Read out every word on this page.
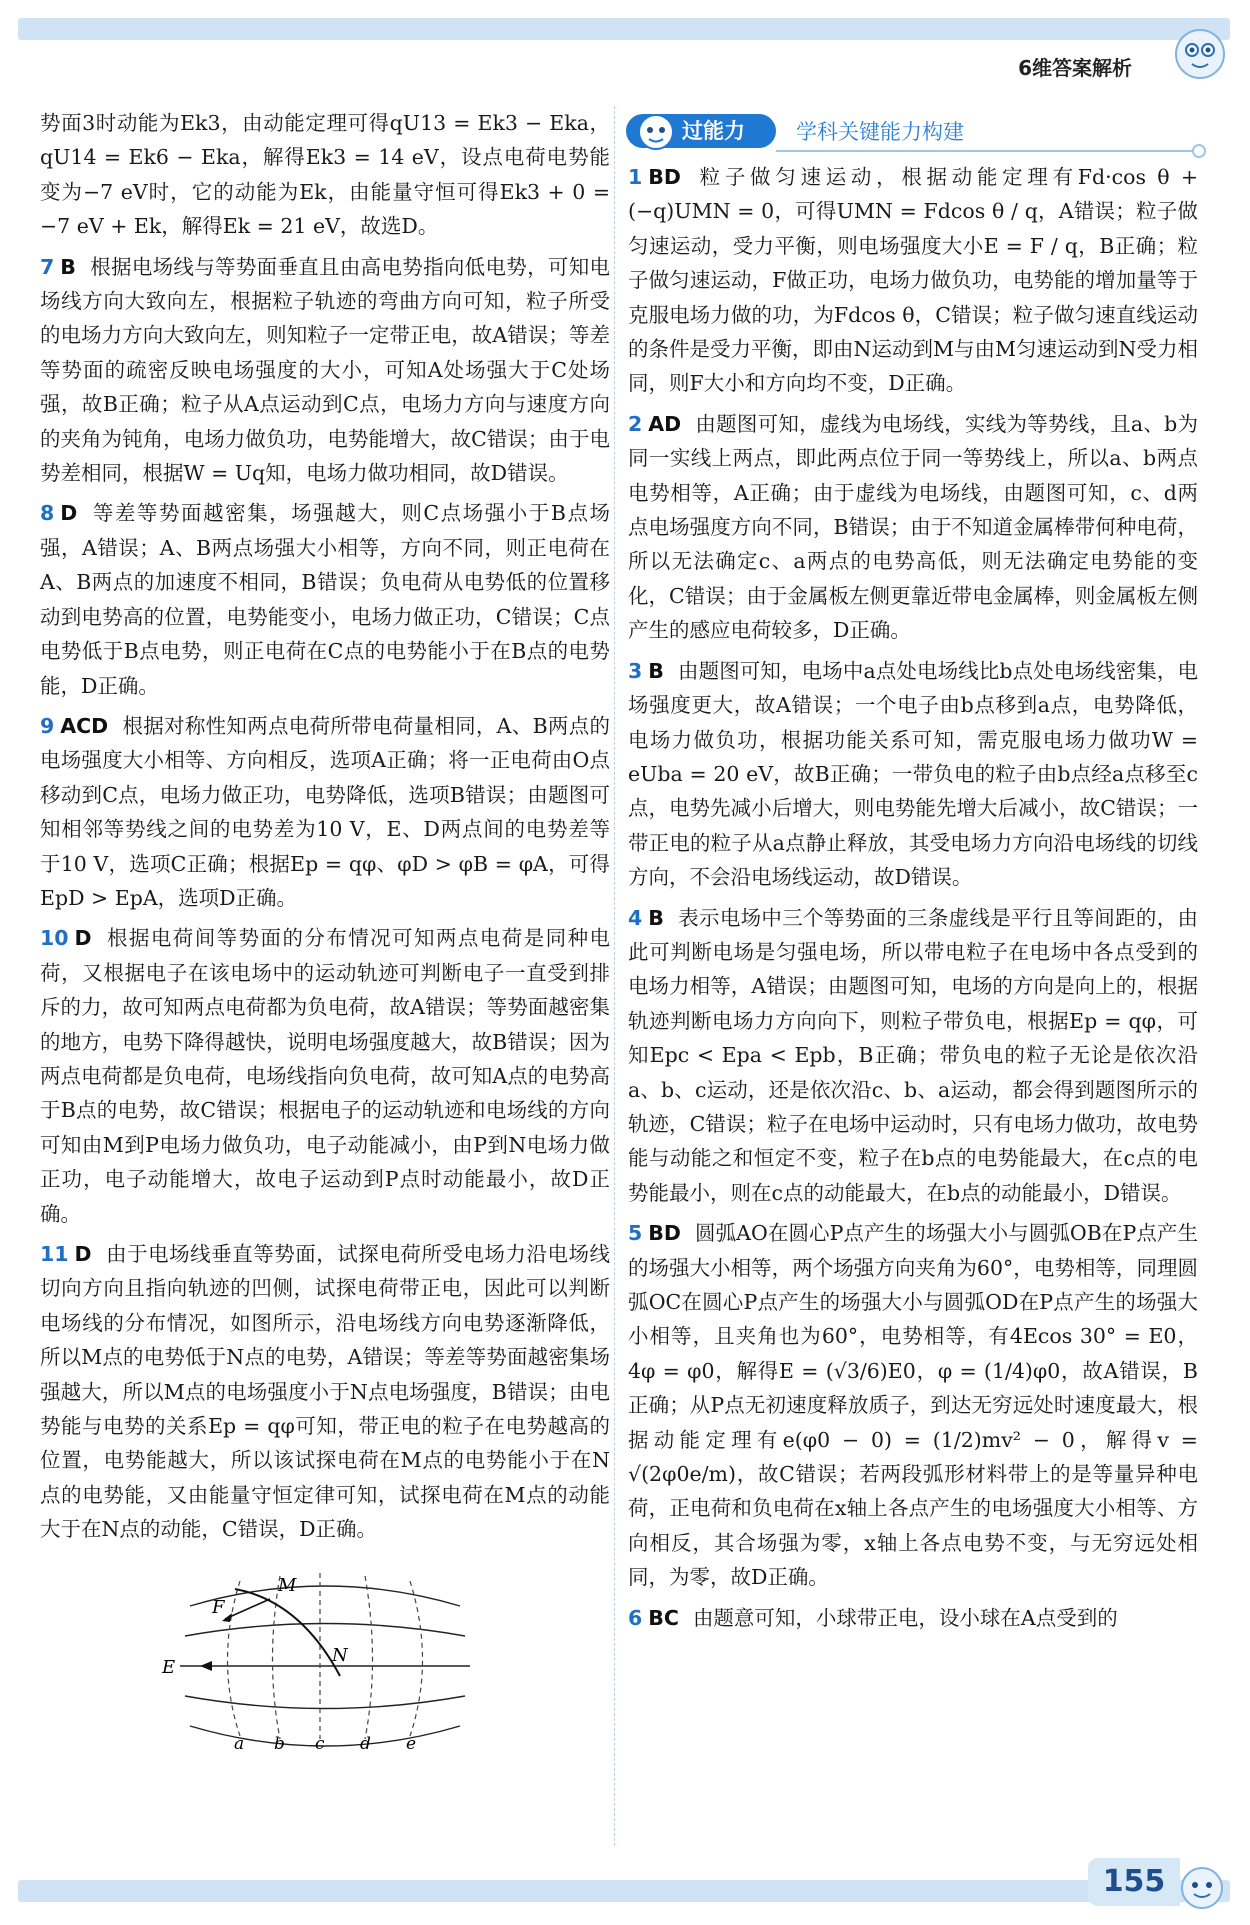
6维答案解析
过能力	学科关键能力构建
势面3时动能为Ek3，由动能定理可得qU13 = Ek3 − Eka，qU14 = Ek6 − Eka，解得Ek3 = 14 eV，设点电荷电势能变为−7 eV时，它的动能为Ek，由能量守恒可得Ek3 + 0 = −7 eV + Ek，解得Ek = 21 eV，故选D。
7 B 根据电场线与等势面垂直且由高电势指向低电势，可知电场线方向大致向左，根据粒子轨迹的弯曲方向可知，粒子所受的电场力方向大致向左，则知粒子一定带正电，故A错误；等差等势面的疏密反映电场强度的大小，可知A处场强大于C处场强，故B正确；粒子从A点运动到C点，电场力方向与速度方向的夹角为钝角，电场力做负功，电势能增大，故C错误；由于电势差相同，根据W = Uq知，电场力做功相同，故D错误。
8 D 等差等势面越密集，场强越大，则C点场强小于B点场强，A错误；A、B两点场强大小相等，方向不同，则正电荷在A、B两点的加速度不相同，B错误；负电荷从电势低的位置移动到电势高的位置，电势能变小，电场力做正功，C错误；C点电势低于B点电势，则正电荷在C点的电势能小于在B点的电势能，D正确。
9 ACD 根据对称性知两点电荷所带电荷量相同，A、B两点的电场强度大小相等、方向相反，选项A正确；将一正电荷由O点移动到C点，电场力做正功，电势降低，选项B错误；由题图可知相邻等势线之间的电势差为10 V，E、D两点间的电势差等于10 V，选项C正确；根据Ep = qφ、φD > φB = φA，可得EpD > EpA，选项D正确。
10 D 根据电荷间等势面的分布情况可知两点电荷是同种电荷，又根据电子在该电场中的运动轨迹可判断电子一直受到排斥的力，故可知两点电荷都为负电荷，故A错误；等势面越密集的地方，电势下降得越快，说明电场强度越大，故B错误；因为两点电荷都是负电荷，电场线指向负电荷，故可知A点的电势高于B点的电势，故C错误；根据电子的运动轨迹和电场线的方向可知由M到P电场力做负功，电子动能减小，由P到N电场力做正功，电子动能增大，故电子运动到P点时动能最小，故D正确。
11 D 由于电场线垂直等势面，试探电荷所受电场力沿电场线切向方向且指向轨迹的凹侧，试探电荷带正电，因此可以判断电场线的分布情况，如图所示，沿电场线方向电势逐渐降低，所以M点的电势低于N点的电势，A错误；等差等势面越密集场强越大，所以M点的电场强度小于N点电场强度，B错误；由电势能与电势的关系Ep = qφ可知，带正电的粒子在电势越高的位置，电势能越大，所以该试探电荷在M点的电势能小于在N点的电势能，又由能量守恒定律可知，试探电荷在M点的动能大于在N点的动能，C错误，D正确。
M
F
N
E
a b c d e
1 BD 粒子做匀速运动，根据动能定理有Fd·cos θ + (−q)UMN = 0，可得UMN = Fdcos θ / q，A错误；粒子做匀速运动，受力平衡，则电场强度大小E = F / q，B正确；粒子做匀速运动，F做正功，电场力做负功，电势能的增加量等于克服电场力做的功，为Fdcos θ，C错误；粒子做匀速直线运动的条件是受力平衡，即由N运动到M与由M匀速运动到N受力相同，则F大小和方向均不变，D正确。
2 AD 由题图可知，虚线为电场线，实线为等势线，且a、b为同一实线上两点，即此两点位于同一等势线上，所以a、b两点电势相等，A正确；由于虚线为电场线，由题图可知，c、d两点电场强度方向不同，B错误；由于不知道金属棒带何种电荷，所以无法确定c、a两点的电势高低，则无法确定电势能的变化，C错误；由于金属板左侧更靠近带电金属棒，则金属板左侧产生的感应电荷较多，D正确。
3 B 由题图可知，电场中a点处电场线比b点处电场线密集，电场强度更大，故A错误；一个电子由b点移到a点，电势降低，电场力做负功，根据功能关系可知，需克服电场力做功W = eUba = 20 eV，故B正确；一带负电的粒子由b点经a点移至c点，电势先减小后增大，则电势能先增大后减小，故C错误；一带正电的粒子从a点静止释放，其受电场力方向沿电场线的切线方向，不会沿电场线运动，故D错误。
4 B 表示电场中三个等势面的三条虚线是平行且等间距的，由此可判断电场是匀强电场，所以带电粒子在电场中各点受到的电场力相等，A错误；由题图可知，电场的方向是向上的，根据轨迹判断电场力方向向下，则粒子带负电，根据Ep = qφ，可知Epc < Epa < Epb，B正确；带负电的粒子无论是依次沿a、b、c运动，还是依次沿c、b、a运动，都会得到题图所示的轨迹，C错误；粒子在电场中运动时，只有电场力做功，故电势能与动能之和恒定不变，粒子在b点的电势能最大，在c点的电势能最小，则在c点的动能最大，在b点的动能最小，D错误。
5 BD 圆弧AO在圆心P点产生的场强大小与圆弧OB在P点产生的场强大小相等，两个场强方向夹角为60°，电势相等，同理圆弧OC在圆心P点产生的场强大小与圆弧OD在P点产生的场强大小相等，且夹角也为60°，电势相等，有4Ecos 30° = E0，4φ = φ0，解得E = (√3/6)E0，φ = (1/4)φ0，故A错误，B正确；从P点无初速度释放质子，到达无穷远处时速度最大，根据动能定理有e(φ0 − 0) = (1/2)mv² − 0，解得v = √(2φ0e/m)，故C错误；若两段弧形材料带上的是等量异种电荷，正电荷和负电荷在x轴上各点产生的电场强度大小相等、方向相反，其合场强为零，x轴上各点电势不变，与无穷远处相同，为零，故D正确。
6 BC 由题意可知，小球带正电，设小球在A点受到的
155
